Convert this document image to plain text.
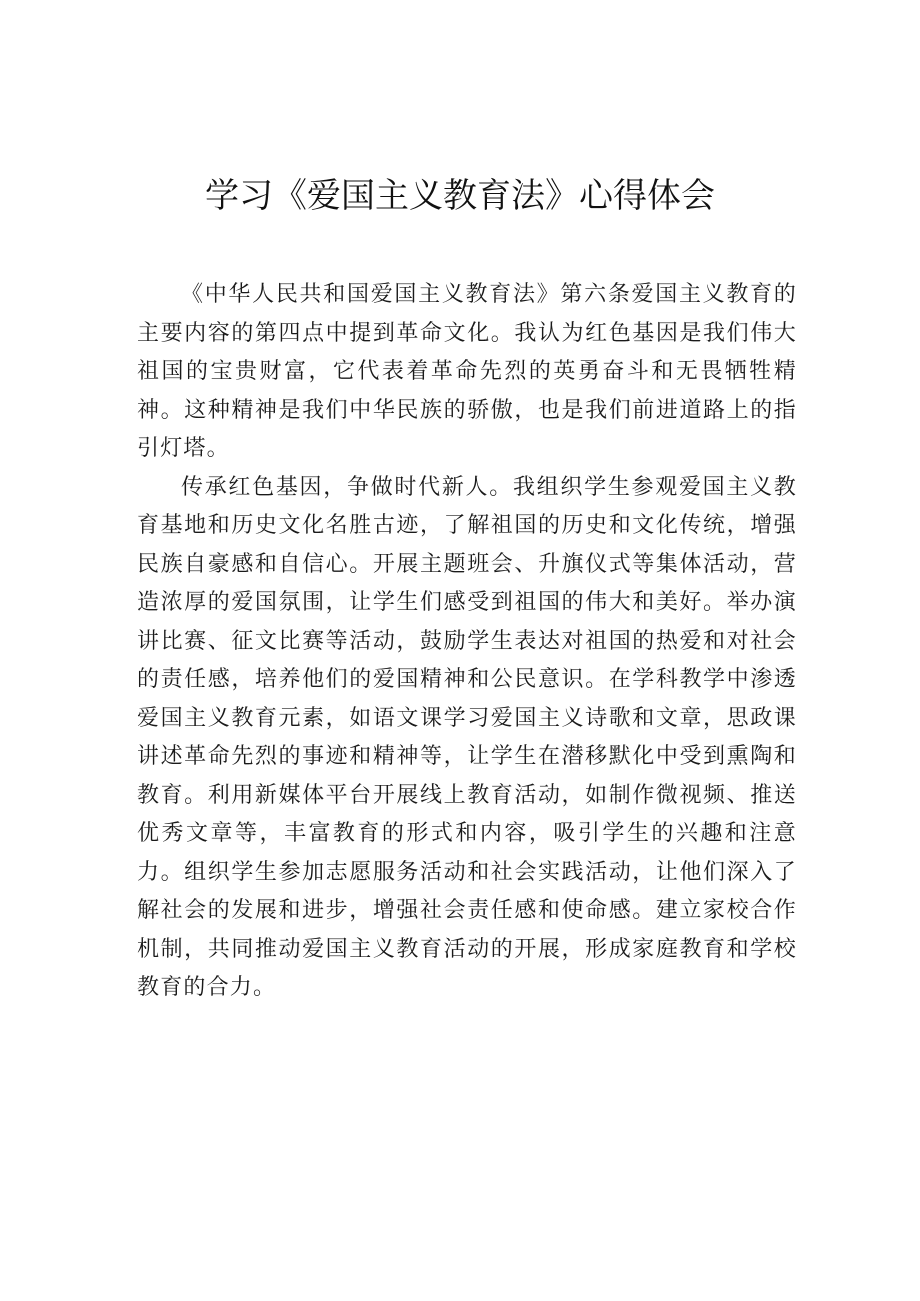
学习《爱国主义教育法》心得体会

《中华人民共和国爱国主义教育法》第六条爱国主义教育的主要内容的第四点中提到革命文化。我认为红色基因是我们伟大祖国的宝贵财富，它代表着革命先烈的英勇奋斗和无畏牺牲精神。这种精神是我们中华民族的骄傲，也是我们前进道路上的指引灯塔。

传承红色基因，争做时代新人。我组织学生参观爱国主义教育基地和历史文化名胜古迹，了解祖国的历史和文化传统，增强民族自豪感和自信心。开展主题班会、升旗仪式等集体活动，营造浓厚的爱国氛围，让学生们感受到祖国的伟大和美好。举办演讲比赛、征文比赛等活动，鼓励学生表达对祖国的热爱和对社会的责任感，培养他们的爱国精神和公民意识。在学科教学中渗透爱国主义教育元素，如语文课学习爱国主义诗歌和文章，思政课讲述革命先烈的事迹和精神等，让学生在潜移默化中受到熏陶和教育。利用新媒体平台开展线上教育活动，如制作微视频、推送优秀文章等，丰富教育的形式和内容，吸引学生的兴趣和注意力。组织学生参加志愿服务活动和社会实践活动，让他们深入了解社会的发展和进步，增强社会责任感和使命感。建立家校合作机制，共同推动爱国主义教育活动的开展，形成家庭教育和学校教育的合力。
